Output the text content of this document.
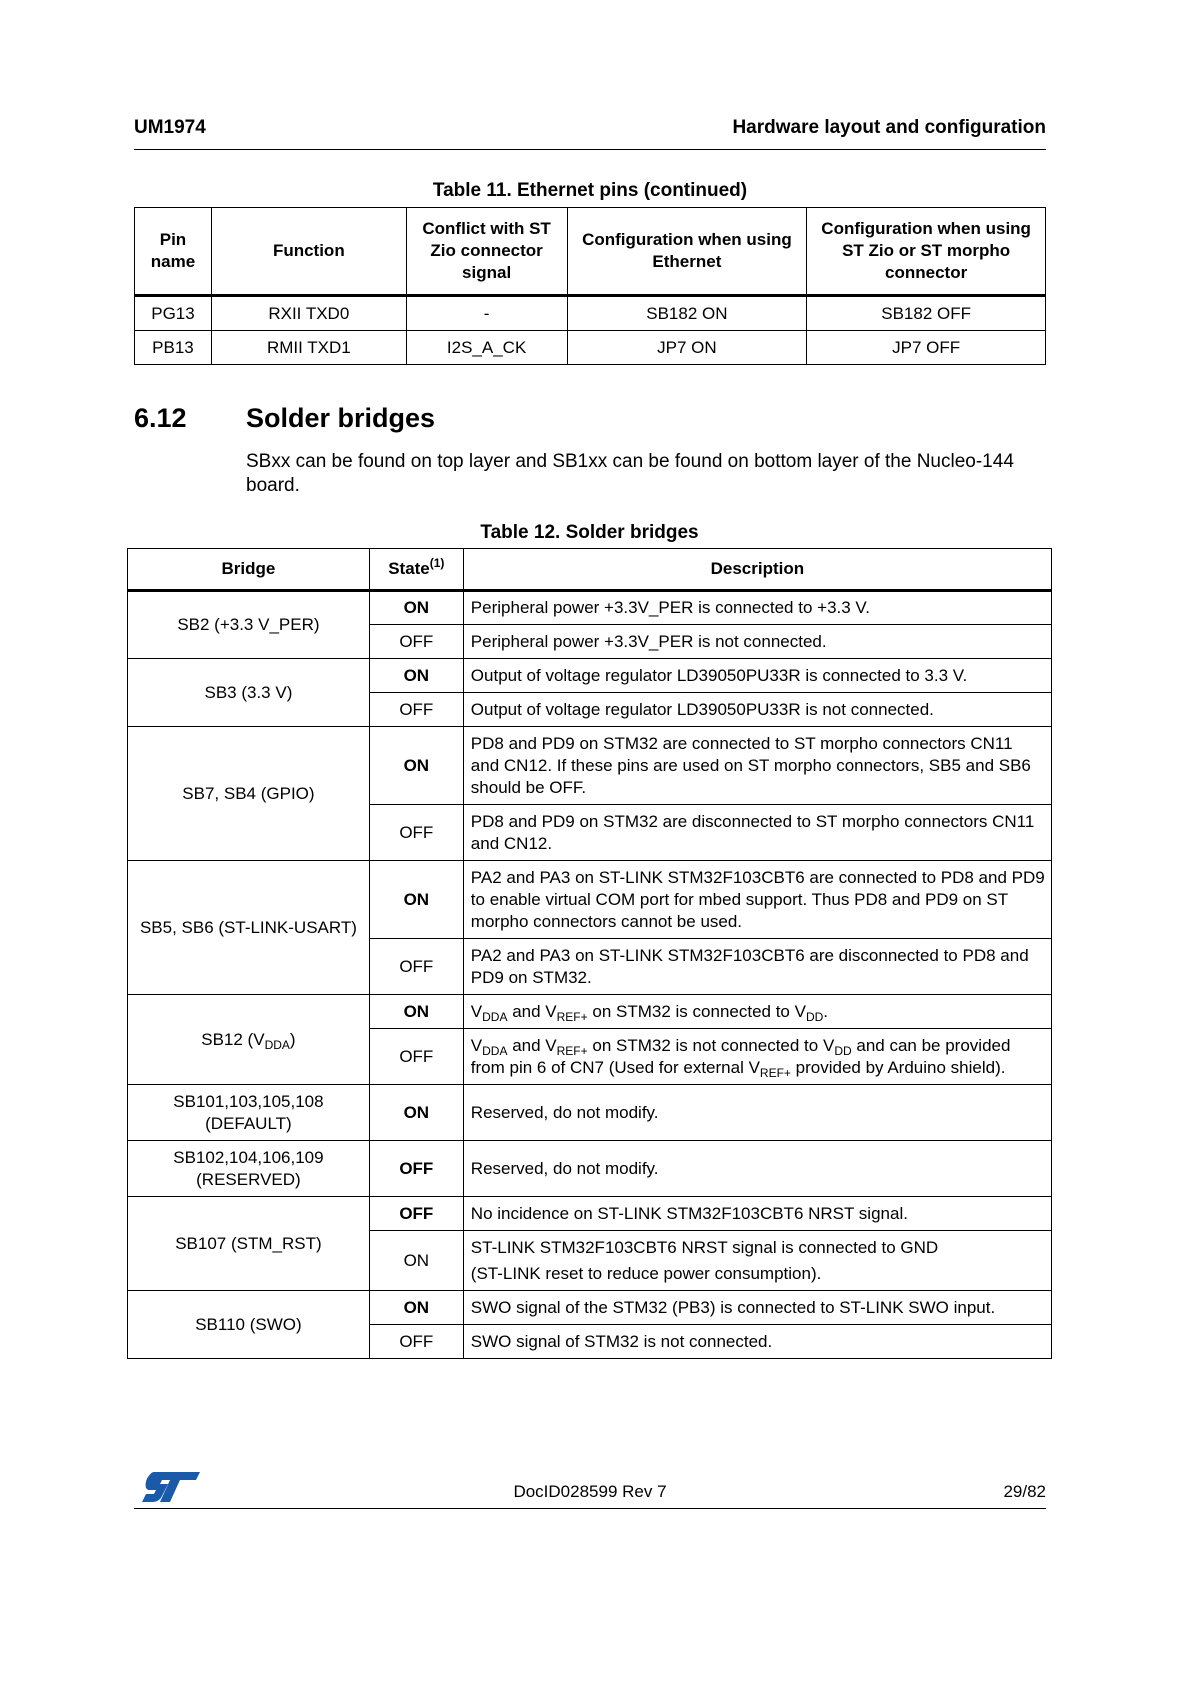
UM1974	Hardware layout and configuration
Table 11. Ethernet pins (continued)
Pin name	Function	Conflict with ST Zio connector signal	Configuration when using Ethernet	Configuration when using ST Zio or ST morpho connector
PG13	RXII TXD0	-	SB182 ON	SB182 OFF
PB13	RMII TXD1	I2S_A_CK	JP7 ON	JP7 OFF
6.12 Solder bridges
SBxx can be found on top layer and SB1xx can be found on bottom layer of the Nucleo-144 board.
Table 12. Solder bridges
Bridge	State$^{(1)}$	Description
SB2 (+3.3 V_PER)	ON	Peripheral power +3.3V_PER is connected to +3.3 V.
	OFF	Peripheral power +3.3V_PER is not connected.
SB3 (3.3 V)	ON	Output of voltage regulator LD39050PU33R is connected to 3.3 V.
	OFF	Output of voltage regulator LD39050PU33R is not connected.
SB7, SB4 (GPIO)	ON	PD8 and PD9 on STM32 are connected to ST morpho connectors CN11 and CN12. If these pins are used on ST morpho connectors, SB5 and SB6 should be OFF.
	OFF	PD8 and PD9 on STM32 are disconnected to ST morpho connectors CN11 and CN12.
SB5, SB6 (ST-LINK-USART)	ON	PA2 and PA3 on ST-LINK STM32F103CBT6 are connected to PD8 and PD9 to enable virtual COM port for mbed support. Thus PD8 and PD9 on ST morpho connectors cannot be used.
	OFF	PA2 and PA3 on ST-LINK STM32F103CBT6 are disconnected to PD8 and PD9 on STM32.
SB12 $(V_{DDA})$	ON	$V_{DDA}$ and $V_{REF+}$ on STM32 is connected to $V_{DD}$.
	OFF	$V_{DDA}$ and $V_{REF+}$ on STM32 is not connected to $V_{DD}$ and can be provided from pin 6 of CN7 (Used for external $V_{REF+}$ provided by Arduino shield).

SB101,103,105,108
(DEFAULT)	ON	Reserved, do not modify.

SB102,104,106,109
(RESERVED)	OFF	Reserved, do not modify.
SB107 (STM_RST)	OFF	No incidence on ST-LINK STM32F103CBT6 NRST signal.
	ON	ST-LINK STM32F103CBT6 NRST signal is connected to GND
(ST-LINK reset to reduce power consumption).

SB110 (SWO)	ON	SWO signal of the STM32 (PB3) is connected to ST-LINK SWO input.
	OFF	SWO signal of STM32 is not connected.
DocID028599 Rev 7	29/82
